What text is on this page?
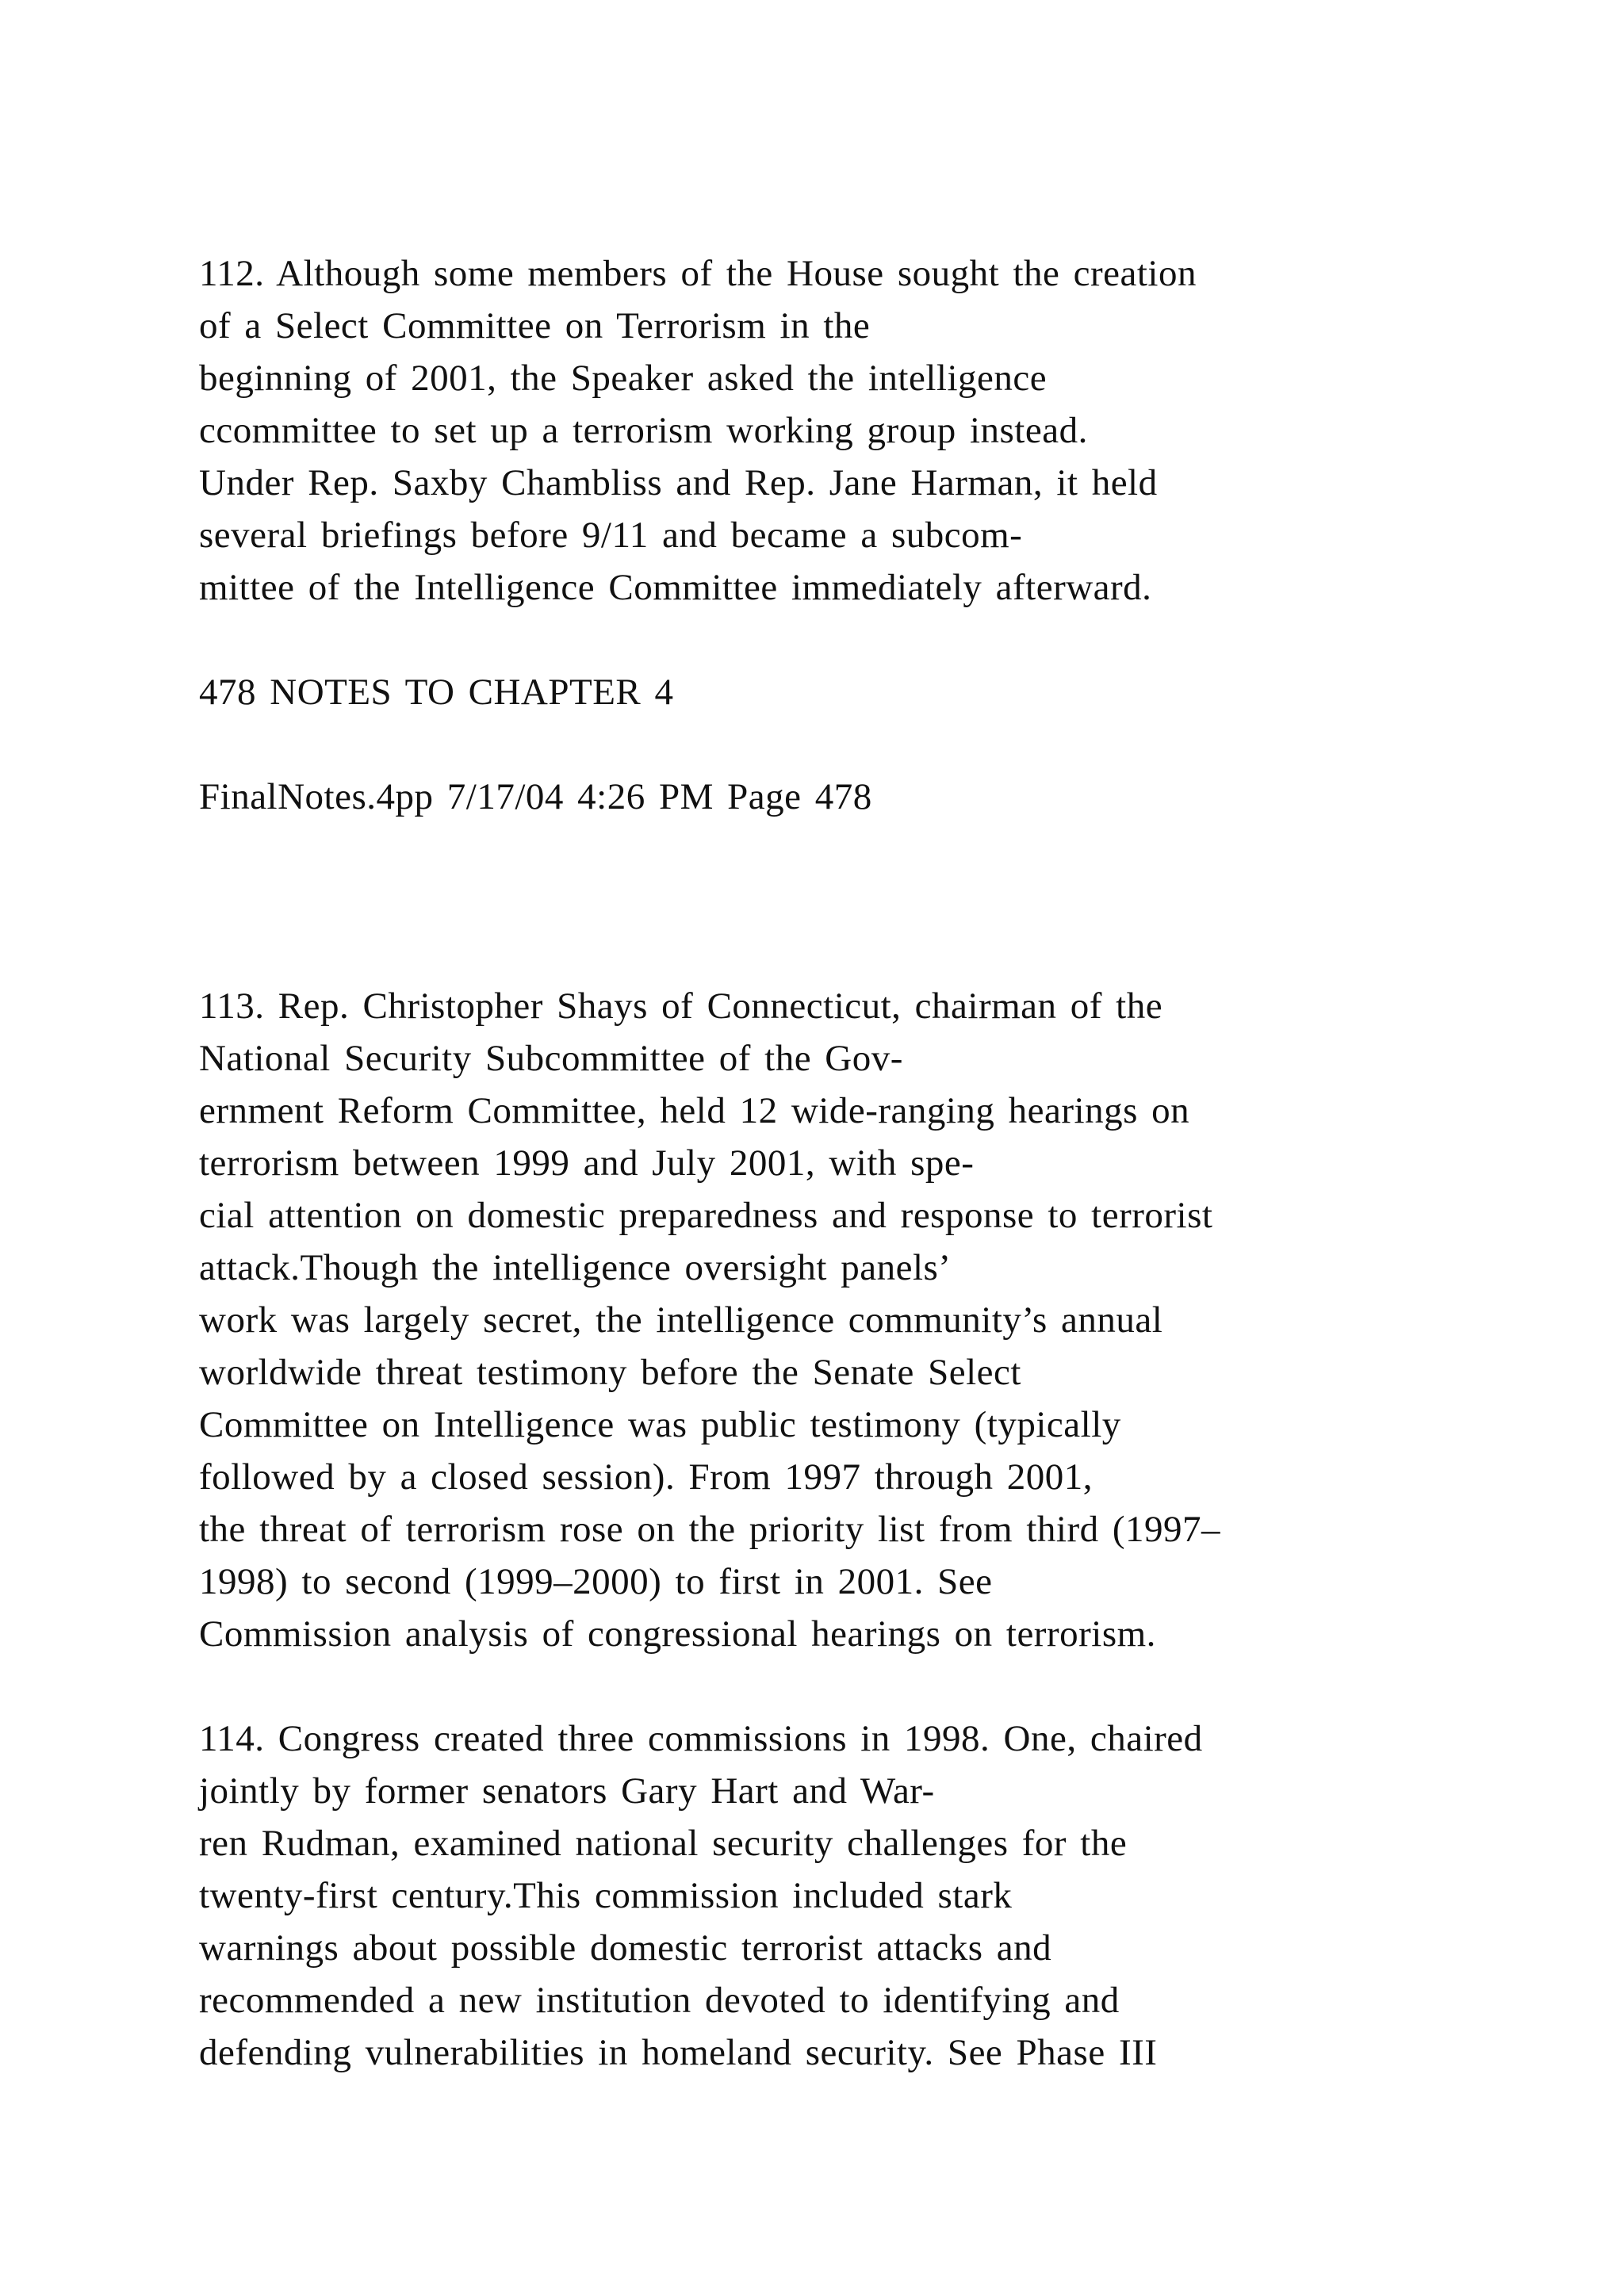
112. Although some members of the House sought the creation
of a Select Committee on Terrorism in the
beginning of 2001, the Speaker asked the intelligence
ccommittee to set up a terrorism working group instead.
Under Rep. Saxby Chambliss and Rep. Jane Harman, it held
several briefings before 9/11 and became a subcom-
mittee of the Intelligence Committee immediately afterward.
478 NOTES TO CHAPTER 4
FinalNotes.4pp 7/17/04 4:26 PM Page 478
113. Rep. Christopher Shays of Connecticut, chairman of the
National Security Subcommittee of the Gov-
ernment Reform Committee, held 12 wide-ranging hearings on
terrorism between 1999 and July 2001, with spe-
cial attention on domestic preparedness and response to terrorist
attack.Though the intelligence oversight panels’
work was largely secret, the intelligence community’s annual
worldwide threat testimony before the Senate Select
Committee on Intelligence was public testimony (typically
followed by a closed session). From 1997 through 2001,
the threat of terrorism rose on the priority list from third (1997–
1998) to second (1999–2000) to first in 2001. See
Commission analysis of congressional hearings on terrorism.
114. Congress created three commissions in 1998. One, chaired
jointly by former senators Gary Hart and War-
ren Rudman, examined national security challenges for the
twenty-first century.This commission included stark
warnings about possible domestic terrorist attacks and
recommended a new institution devoted to identifying and
defending vulnerabilities in homeland security. See Phase III
